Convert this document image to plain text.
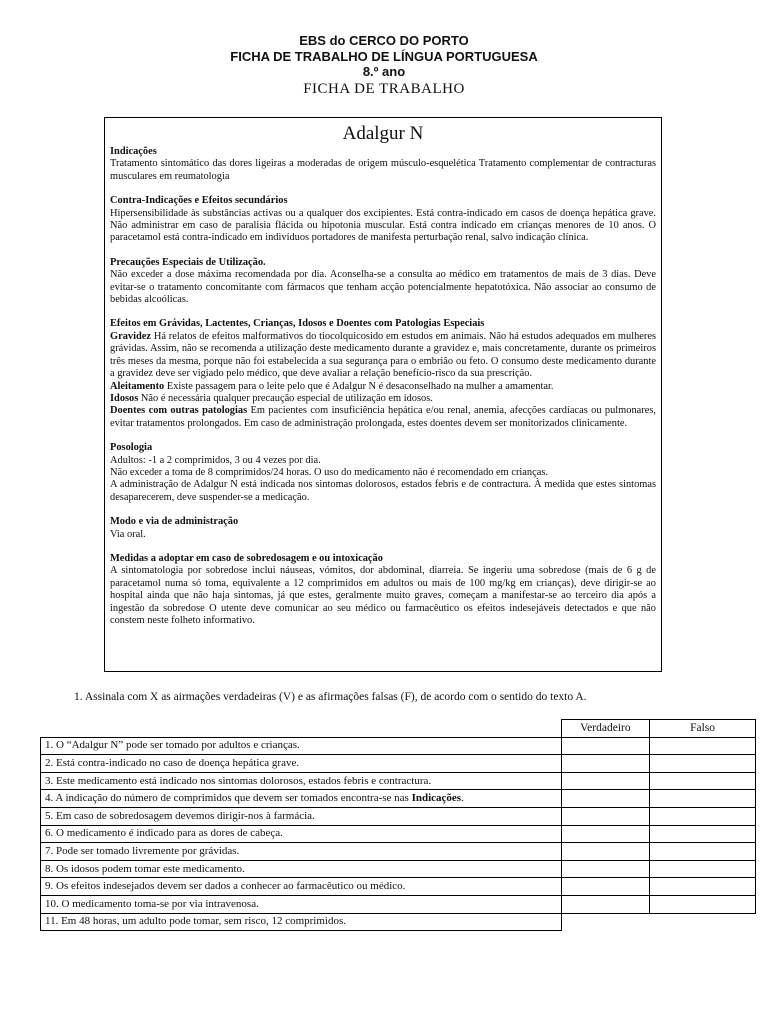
EBS do CERCO DO PORTO
FICHA DE TRABALHO DE LÍNGUA PORTUGUESA
8.º ano
FICHA DE TRABALHO
Adalgur N
Indicações

Tratamento sintomático das dores ligeiras a moderadas de origem músculo-esquelética Tratamento complementar de contracturas musculares em reumatologia

Contra-Indicações e Efeitos secundários

Hipersensibilidade às substâncias activas ou a qualquer dos excipientes. Está contra-indicado em casos de doença hepática grave. Não administrar em caso de paralisia flácida ou hipotonia muscular. Está contra indicado em crianças menores de 10 anos. O paracetamol está contra-indicado em indivíduos portadores de manifesta perturbação renal, salvo indicação clínica.

Precauções Especiais de Utilização.

Não exceder a dose máxima recomendada por dia. Aconselha-se a consulta ao médico em tratamentos de mais de 3 dias. Deve evitar-se o tratamento concomitante com fármacos que tenham acção potencialmente hepatotóxica. Não associar ao consumo de bebidas alcoólicas.

Efeitos em Grávidas, Lactentes, Crianças, Idosos e Doentes com Patologias Especiais

Gravidez Há relatos de efeitos malformativos do tiocolquicosido em estudos em animais. Não há estudos adequados em mulheres grávidas. Assim, não se recomenda a utilização deste medicamento durante a gravidez e, mais concretamente, durante os primeiros três meses da mesma, porque não foi estabelecida a sua segurança para o embrião ou feto. O consumo deste medicamento durante a gravidez deve ser vigiado pelo médico, que deve avaliar a relação benefício-risco da sua prescrição.

Aleitamento Existe passagem para o leite pelo que é Adalgur N é desaconselhado na mulher a amamentar.

Idosos Não é necessária qualquer precaução especial de utilização em idosos.

Doentes com outras patologias Em pacientes com insuficiência hepática e/ou renal, anemia, afecções cardíacas ou pulmonares, evitar tratamentos prolongados. Em caso de administração prolongada, estes doentes devem ser monitorizados clinicamente.

Posologia

Adultos: -1 a 2 comprimidos, 3 ou 4 vezes por dia.

Não exceder a toma de 8 comprimidos/24 horas. O uso do medicamento não é recomendado em crianças.

A administração de Adalgur N está indicada nos sintomas dolorosos, estados febris e de contractura. À medida que estes sintomas desaparecerem, deve suspender-se a medicação.

Modo e via de administração

Via oral.

Medidas a adoptar em caso de sobredosagem e ou intoxicação

A sintomatologia por sobredose inclui náuseas, vómitos, dor abdominal, diarreia. Se ingeriu uma sobredose (mais de 6 g de paracetamol numa só toma, equivalente a 12 comprimidos em adultos ou mais de 100 mg/kg em crianças), deve dirigir-se ao hospital ainda que não haja sintomas, já que estes, geralmente muito graves, começam a manifestar-se ao terceiro dia após a ingestão da sobredose O utente deve comunicar ao seu médico ou farmacêutico os efeitos indesejáveis detectados e que não constem neste folheto informativo.

1. Assinala com X as airmações verdadeiras (V) e as afirmações falsas (F), de acordo com o sentido do texto A.
	Verdadeiro	Falso
1. O “Adalgur N” pode ser tomado por adultos e crianças.		
2. Está contra-indicado no caso de doença hepática grave.		
3. Este medicamento está indicado nos sintomas dolorosos, estados febris e contractura.		
4. A indicação do número de comprimidos que devem ser tomados encontra-se nas Indicações.		
5. Em caso de sobredosagem devemos dirigir-nos à farmácia.		
6. O medicamento é indicado para as dores de cabeça.		
7. Pode ser tomado livremente por grávidas.		
8. Os idosos podem tomar este medicamento.		
9. Os efeitos indesejados devem ser dados a conhecer ao farmacêutico ou médico.		
10. O medicamento toma-se por via intravenosa.		
11. Em 48 horas, um adulto pode tomar, sem risco, 12 comprimidos.		
